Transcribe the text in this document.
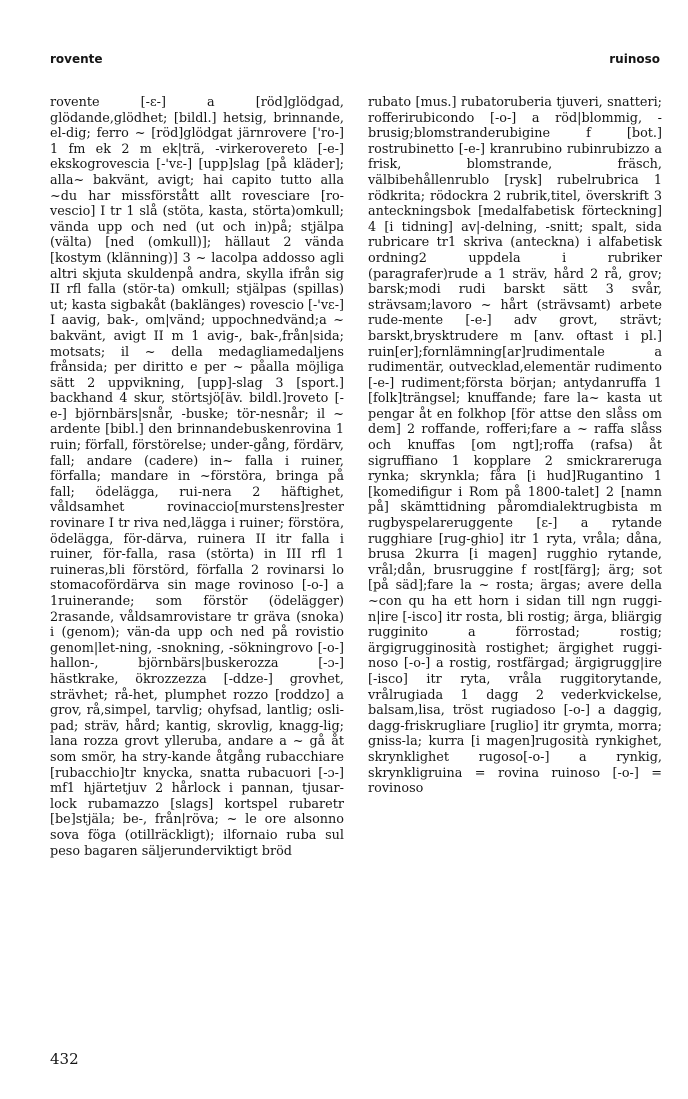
rovente	ruinoso
rovente [-ɛ-] a [röd]glödgad, glödande,glödhet; [bildl.] hetsig, brinnande, el-dig; ferro ~ [röd]glödgat järnrovere ['ro-] 1 fm ek 2 m ek|trä, -virkerovereto [-e-] ekskogrovescia [-'vɛ-] [upp]slag [på kläder]; alla~ bakvänt, avigt; hai capito tutto alla ~du har missförstått allt rovesciare [ro-vescio] I tr 1 slå (stöta, kasta, störta)omkull; vända upp och ned (ut och in)på; stjälpa (välta) [ned (omkull)]; hällaut 2 vända [kostym (klänning)] 3 ~ lacolpa addosso agli altri skjuta skuldenpå andra, skylla ifrån sig II rfl falla (stör-ta) omkull; stjälpas (spillas) ut; kasta sigbakåt (baklänges) rovescio [-'vɛ-] I aavig, bak-, om|vänd; uppochnedvänd;a ~ bakvänt, avigt II m 1 avig-, bak-,från|sida; motsats; il ~ della medagliamedaljens frånsida; per diritto e per ~ påalla möjliga sätt 2 uppvikning, [upp]-slag 3 [sport.] backhand 4 skur, störtsjö[äv. bildl.]roveto [-e-] björnbärs|snår, -buske; tör-nesnår; il ~ ardente [bibl.] den brinnandebuskenrovina 1 ruin; förfall, förstörelse; under-gång, fördärv, fall; andare (cadere) in~ falla i ruiner, förfalla; mandare in ~förstöra, bringa på fall; ödelägga, rui-nera 2 häftighet, våldsamhet rovinaccio[murstens]rester rovinare I tr riva ned,lägga i ruiner; förstöra, ödelägga, för-därva, ruinera II itr falla i ruiner, för-falla, rasa (störta) in III rfl 1 ruineras,bli förstörd, förfalla 2 rovinarsi lo stomacofördärva sin mage rovinoso [-o-] a 1ruinerande; som förstör (ödelägger) 2rasande, våldsamrovistare tr gräva (snoka) i (genom); vän-da upp och ned på rovistio genom|let-ning, -snokning, -sökningrovo [-o-] hallon-, björnbärs|buskerozza [-ɔ-] hästkrake, ökrozzezza [-ddze-] grovhet, strävhet; rå-het, plumphet rozzo [roddzo] a grov, rå,simpel, tarvlig; ohyfsad, lantlig; osli-pad; sträv, hård; kantig, skrovlig, knagg-lig; lana rozza grovt ylleruba, andare a ~ gå åt som smör, ha stry-kande åtgång rubacchiare [rubacchio]tr knycka, snatta rubacuori [-ɔ-] mf1 hjärtetjuv 2 hårlock i pannan, tjusar-lock rubamazzo [slags] kortspel rubaretr [be]stjäla; be-, från|röva; ~ le ore alsonno sova föga (otillräckligt); ilfornaio ruba sul peso bagaren säljerunderviktigt bröd
rubato [mus.] rubatoruberia tjuveri, snatteri; rofferirubicondo [-o-] a röd|blommig, -brusig;blomstranderubigine f [bot.] rostrubinetto [-e-] kranrubino rubinrubizzo a frisk, blomstrande, fräsch, välbibehållenrublo [rysk] rubelrubrica 1 rödkrita; rödockra 2 rubrik,titel, överskrift 3 anteckningsbok [medalfabetisk förteckning] 4 [i tidning] av|-delning, -snitt; spalt, sida rubricare tr1 skriva (anteckna) i alfabetisk ordning2 uppdela i rubriker (paragrafer)rude a 1 sträv, hård 2 rå, grov; barsk;modi rudi barskt sätt 3 svår, strävsam;lavoro ~ hårt (strävsamt) arbete rude-mente [-e-] adv grovt, strävt; barskt,brysktrudere m [anv. oftast i pl.] ruin[er];fornlämning[ar]rudimentale a rudimentär, outvecklad,elementär rudimento [-e-] rudiment;första början; antydanruffa 1 [folk]trängsel; knuffande; fare la~ kasta ut pengar åt en folkhop [för attse den slåss om dem] 2 roffande, rofferi;fare a ~ raffa slåss och knuffas [om ngt];roffa (rafsa) åt sigruffiano 1 kopplare 2 smickrareruga rynka; skrynkla; fåra [i hud]Rugantino 1 [komedifigur i Rom på 1800-talet] 2 [namn på] skämttidning påromdialektrugbista m rugbyspelareruggente [ɛ-] a rytande rugghiare [rug-ghio] itr 1 ryta, vråla; dåna, brusa 2kurra [i magen] rugghio rytande, vrål;dån, brusruggine f rost[färg]; ärg; sot [på säd];fare la ~ rosta; ärgas; avere della ~con qu ha ett horn i sidan till ngn ruggi-n|ire [-isco] itr rosta, bli rostig; ärga, bliärgig rugginito a förrostad; rostig; ärgigrugginosità rostighet; ärgighet ruggi-noso [-o-] a rostig, rostfärgad; ärgigrugg|ire [-isco] itr ryta, vråla ruggitorytande, vrålrugiada 1 dagg 2 vederkvickelse, balsam,lisa, tröst rugiadoso [-o-] a daggig, dagg-friskrugliare [ruglio] itr grymta, morra; gniss-la; kurra [i magen]rugosità rynkighet, skrynklighet rugoso[-o-] a rynkig, skrynkligruina = rovina ruinoso [-o-] = rovinoso
432
